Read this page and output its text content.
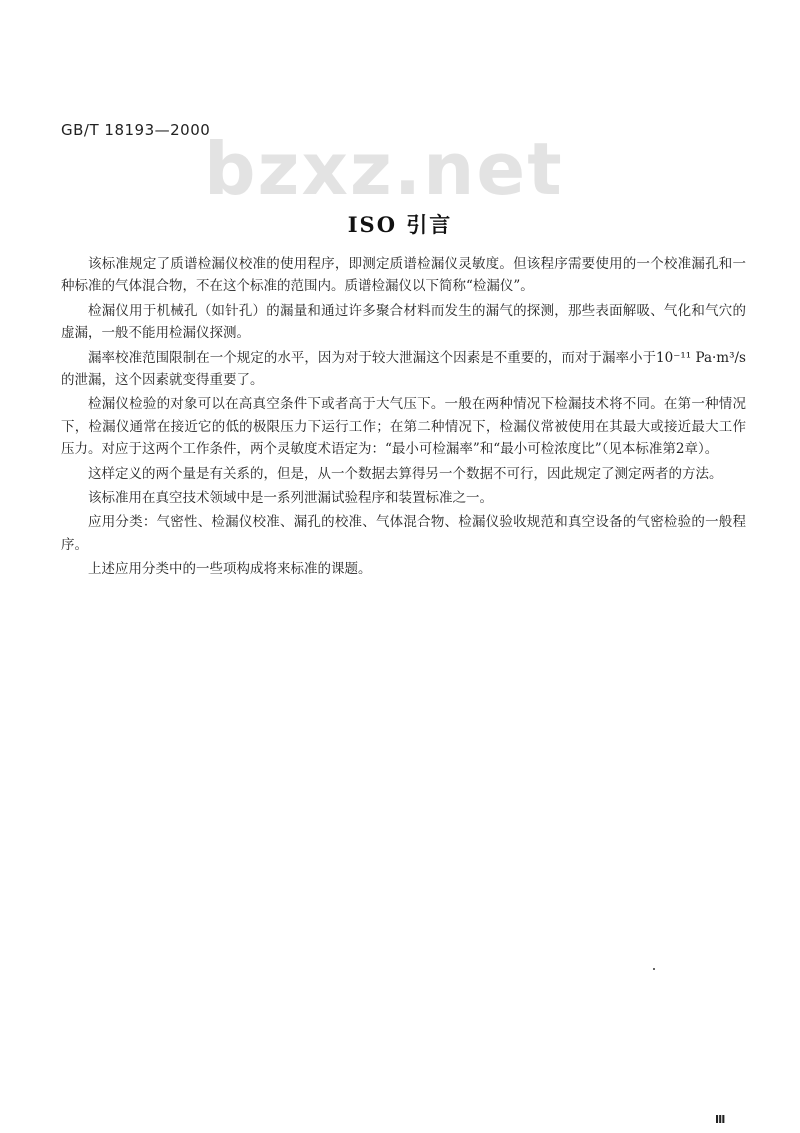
GB/T 18193—2000
bzxz.net
ISO 引言

该标准规定了质谱检漏仪校准的使用程序，即测定质谱检漏仪灵敏度。但该程序需要使用的一个校准漏孔和一种标准的气体混合物，不在这个标准的范围内。质谱检漏仪以下简称“检漏仪”。

检漏仪用于机械孔（如针孔）的漏量和通过许多聚合材料而发生的漏气的探测，那些表面解吸、气化和气穴的虚漏，一般不能用检漏仪探测。

漏率校准范围限制在一个规定的水平，因为对于较大泄漏这个因素是不重要的，而对于漏率小于10⁻¹¹ Pa·m³/s 的泄漏，这个因素就变得重要了。

检漏仪检验的对象可以在高真空条件下或者高于大气压下。一般在两种情况下检漏技术将不同。在第一种情况下，检漏仪通常在接近它的低的极限压力下运行工作；在第二种情况下，检漏仪常被使用在其最大或接近最大工作压力。对应于这两个工作条件，两个灵敏度术语定为：“最小可检漏率”和“最小可检浓度比”（见本标准第2章）。

这样定义的两个量是有关系的，但是，从一个数据去算得另一个数据不可行，因此规定了测定两者的方法。

该标准用在真空技术领域中是一系列泄漏试验程序和装置标准之一。

应用分类：气密性、检漏仪校准、漏孔的校准、气体混合物、检漏仪验收规范和真空设备的气密检验的一般程序。

上述应用分类中的一些项构成将来标准的课题。

Ⅲ
